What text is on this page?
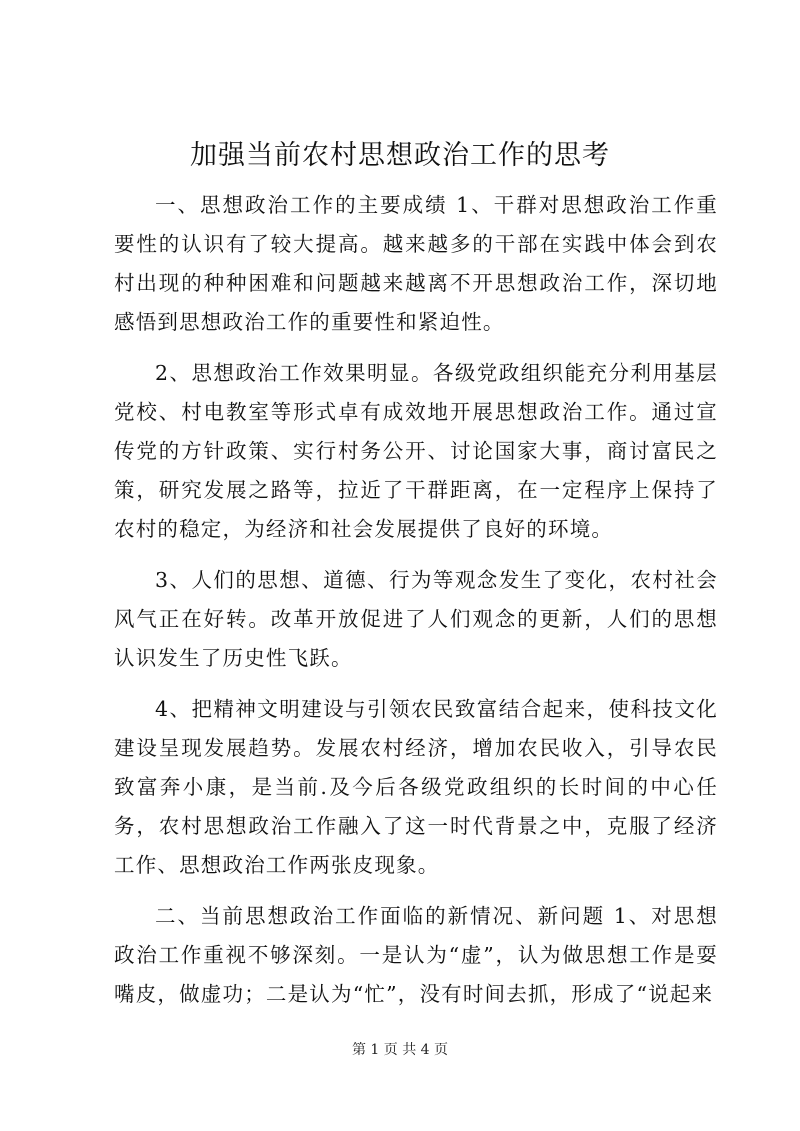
加强当前农村思想政治工作的思考

一、思想政治工作的主要成绩 1、干群对思想政治工作重要性的认识有了较大提高。越来越多的干部在实践中体会到农村出现的种种困难和问题越来越离不开思想政治工作，深切地感悟到思想政治工作的重要性和紧迫性。

2、思想政治工作效果明显。各级党政组织能充分利用基层党校、村电教室等形式卓有成效地开展思想政治工作。通过宣传党的方针政策、实行村务公开、讨论国家大事，商讨富民之策，研究发展之路等，拉近了干群距离，在一定程序上保持了农村的稳定，为经济和社会发展提供了良好的环境。

3、人们的思想、道德、行为等观念发生了变化，农村社会风气正在好转。改革开放促进了人们观念的更新，人们的思想认识发生了历史性飞跃。

4、把精神文明建设与引领农民致富结合起来，使科技文化建设呈现发展趋势。发展农村经济，增加农民收入，引导农民致富奔小康，是当前.及今后各级党政组织的长时间的中心任务，农村思想政治工作融入了这一时代背景之中，克服了经济工作、思想政治工作两张皮现象。

二、当前思想政治工作面临的新情况、新问题 1、对思想政治工作重视不够深刻。一是认为“虚”，认为做思想工作是耍嘴皮，做虚功；二是认为“忙”，没有时间去抓，形成了“说起来

第 1 页 共 4 页
